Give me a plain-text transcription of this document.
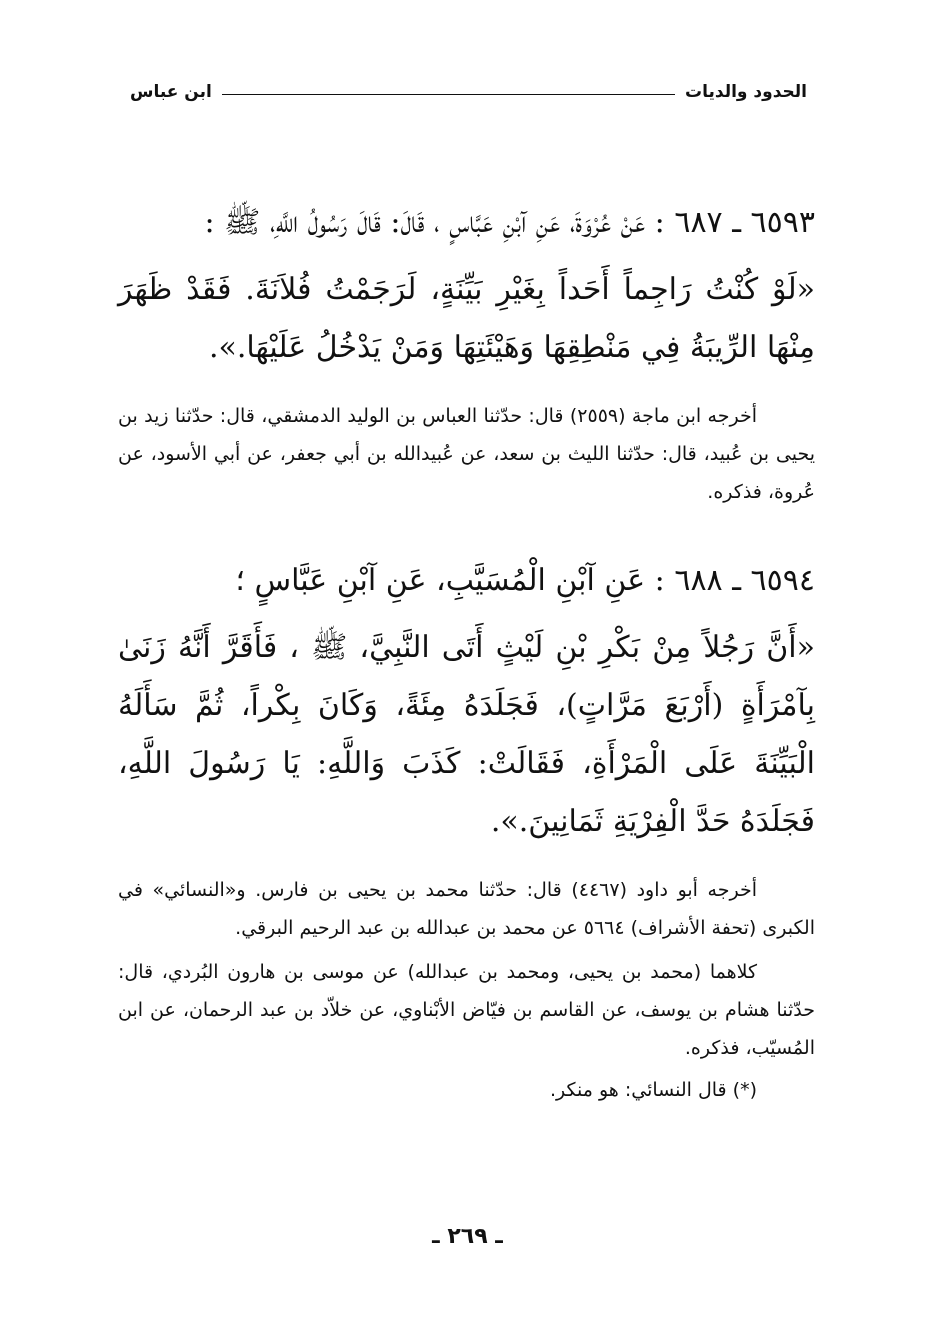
الحدود والديات
ابن عباس

٦٥٩٣ ـ ٦٨٧ : عَنْ عُرْوَةَ، عَنِ آبْنِ عَبَّاسٍ ، قَالَ: قَالَ رَسُولُ اللَّهِ، ﷺ :

«لَوْ كُنْتُ رَاجِماً أَحَداً بِغَيْرِ بَيِّنَةٍ، لَرَجَمْتُ فُلاَنَةَ. فَقَدْ ظَهَرَ مِنْهَا الرِّيبَةُ فِي مَنْطِقِهَا وَهَيْئَتِهَا وَمَنْ يَدْخُلُ عَلَيْهَا.».

أخرجه ابن ماجة (٢٥٥٩) قال: حدّثنا العباس بن الوليد الدمشقي، قال: حدّثنا زيد بن يحيى بن عُبيد، قال: حدّثنا الليث بن سعد، عن عُبيدالله بن أبي جعفر، عن أبي الأسود، عن عُروة، فذكره.

٦٥٩٤ ـ ٦٨٨ : عَنِ آبْنِ الْمُسَيَّبِ، عَنِ آبْنِ عَبَّاسٍ ؛

«أَنَّ رَجُلاً مِنْ بَكْرِ بْنِ لَيْثٍ أَتَى النَّبِيَّ، ﷺ ، فَأَقَرَّ أَنَّهُ زَنَىٰ بِآمْرَأَةٍ (أَرْبَعَ مَرَّاتٍ)، فَجَلَدَهُ مِئَةً، وَكَانَ بِكْراً، ثُمَّ سَأَلَهُ الْبَيِّنَةَ عَلَى الْمَرْأَةِ، فَقَالَتْ: كَذَبَ وَاللَّهِ: يَا رَسُولَ اللَّهِ، فَجَلَدَهُ حَدَّ الْفِرْيَةِ ثَمَانِينَ.».

أخرجه أبو داود (٤٤٦٧) قال: حدّثنا محمد بن يحيى بن فارس. و«النسائي» في الكبرى (تحفة الأشراف) ٥٦٦٤ عن محمد بن عبدالله بن عبد الرحيم البرقي.

كلاهما (محمد بن يحيى، ومحمد بن عبدالله) عن موسى بن هارون البُردي، قال: حدّثنا هشام بن يوسف، عن القاسم بن فيّاض الأبْناوي، عن خلاّد بن عبد الرحمان، عن ابن المُسيّب، فذكره.

(*) قال النسائي: هو منكر.

ـ ٢٦٩ ـ
